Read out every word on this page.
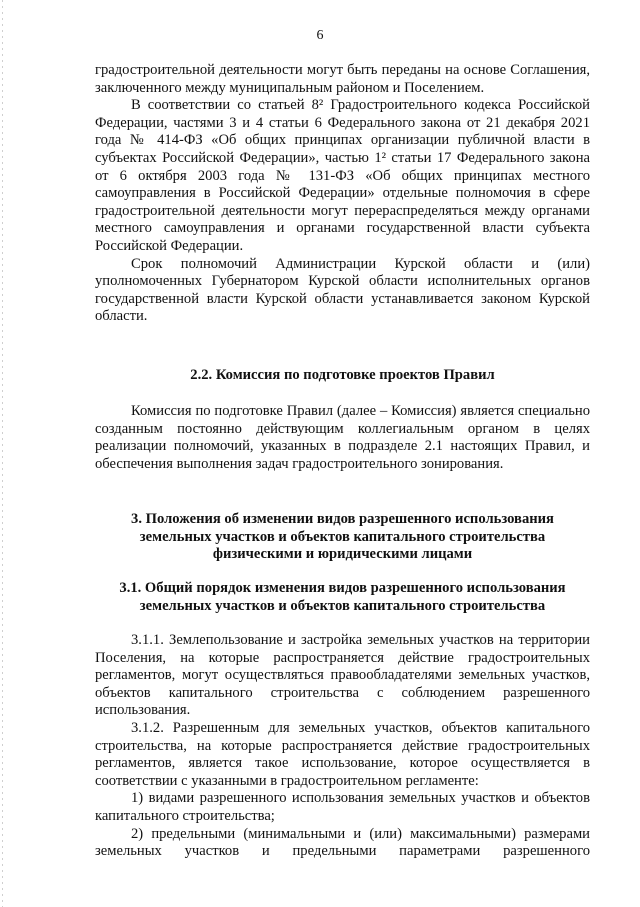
6

градостроительной деятельности могут быть переданы на основе Соглашения, заключенного между муниципальным районом и Поселением.

В соответствии со статьей 8² Градостроительного кодекса Российской Федерации, частями 3 и 4 статьи 6 Федерального закона от 21 декабря 2021 года № 414-ФЗ «Об общих принципах организации публичной власти в субъектах Российской Федерации», частью 1² статьи 17 Федерального закона от 6 октября 2003 года № 131-ФЗ «Об общих принципах местного самоуправления в Российской Федерации» отдельные полномочия в сфере градостроительной деятельности могут перераспределяться между органами местного самоуправления и органами государственной власти субъекта Российской Федерации.

Срок полномочий Администрации Курской области и (или) уполномоченных Губернатором Курской области исполнительных органов государственной власти Курской области устанавливается законом Курской области.

2.2. Комиссия по подготовке проектов Правил

Комиссия по подготовке Правил (далее – Комиссия) является специально созданным постоянно действующим коллегиальным органом в целях реализации полномочий, указанных в подразделе 2.1 настоящих Правил, и обеспечения выполнения задач градостроительного зонирования.

3. Положения об изменении видов разрешенного использования земельных участков и объектов капитального строительства физическими и юридическими лицами

3.1. Общий порядок изменения видов разрешенного использования земельных участков и объектов капитального строительства

3.1.1. Землепользование и застройка земельных участков на территории Поселения, на которые распространяется действие градостроительных регламентов, могут осуществляться правообладателями земельных участков, объектов капитального строительства с соблюдением разрешенного использования.

3.1.2. Разрешенным для земельных участков, объектов капитального строительства, на которые распространяется действие градостроительных регламентов, является такое использование, которое осуществляется в соответствии с указанными в градостроительном регламенте:

1) видами разрешенного использования земельных участков и объектов капитального строительства;

2) предельными (минимальными и (или) максимальными) размерами земельных участков и предельными параметрами разрешенного
